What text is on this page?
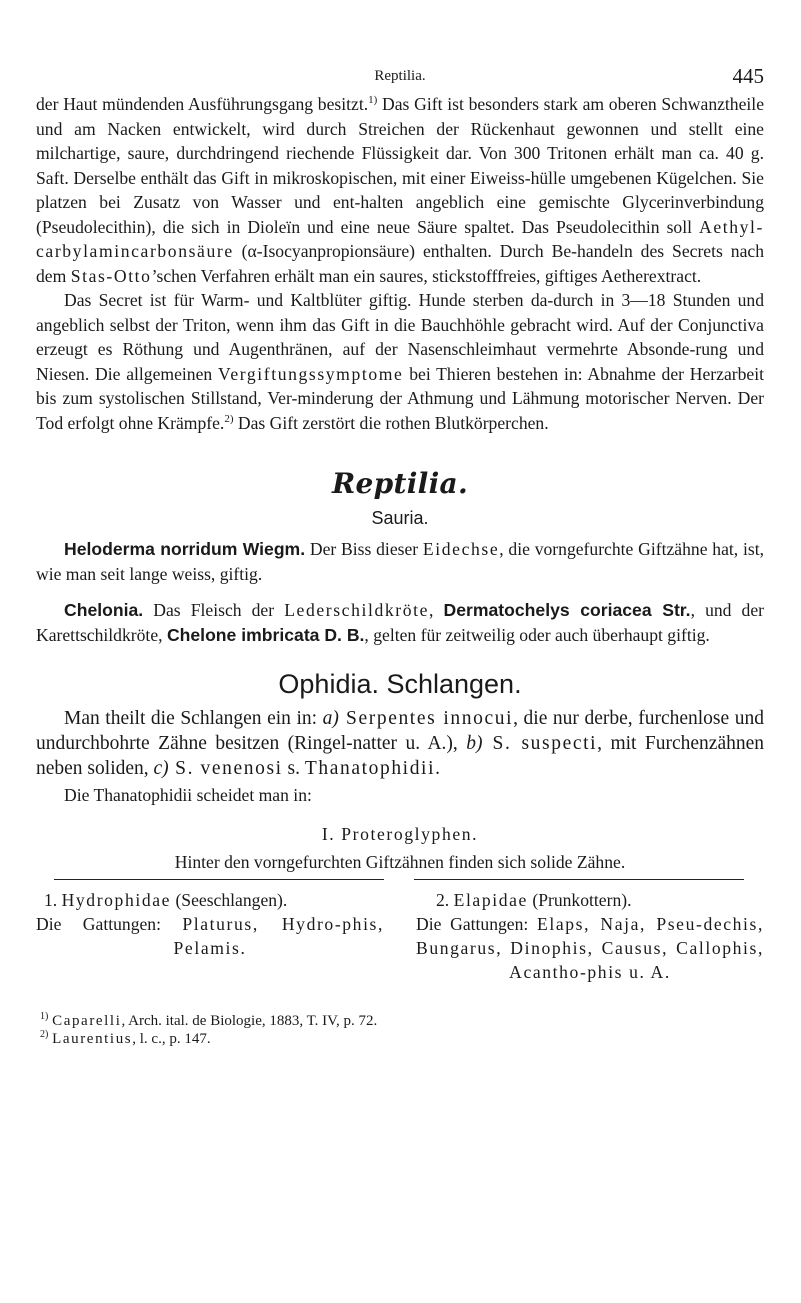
Reptilia.	445

der Haut mündenden Ausführungsgang besitzt.$^{1)}$ Das Gift ist besonders stark am oberen Schwanztheile und am Nacken entwickelt, wird durch Streichen der Rückenhaut gewonnen und stellt eine milchartige, saure, durchdringend riechende Flüssigkeit dar. Von 300 Tritonen erhält man ca. 40 g. Saft. Derselbe enthält das Gift in mikroskopischen, mit einer Eiweiss-hülle umgebenen Kügelchen. Sie platzen bei Zusatz von Wasser und ent-halten angeblich eine gemischte Glycerinverbindung (Pseudolecithin), die sich in Dioleïn und eine neue Säure spaltet. Das Pseudolecithin soll Aethyl-carbylamincarbonsäure (α-Isocyanpropionsäure) enthalten. Durch Be-handeln des Secrets nach dem Stas-Otto’schen Verfahren erhält man ein saures, stickstofffreies, giftiges Aetherextract.

Das Secret ist für Warm- und Kaltblüter giftig. Hunde sterben da-durch in 3—18 Stunden und angeblich selbst der Triton, wenn ihm das Gift in die Bauchhöhle gebracht wird. Auf der Conjunctiva erzeugt es Röthung und Augenthränen, auf der Nasenschleimhaut vermehrte Absonde-rung und Niesen. Die allgemeinen Vergiftungssymptome bei Thieren bestehen in: Abnahme der Herzarbeit bis zum systolischen Stillstand, Ver-minderung der Athmung und Lähmung motorischer Nerven. Der Tod erfolgt ohne Krämpfe.$^{2)}$ Das Gift zerstört die rothen Blutkörperchen.

Reptilia.
Sauria.

Heloderma norridum Wiegm. Der Biss dieser Eidechse, die vorngefurchte Giftzähne hat, ist, wie man seit lange weiss, giftig.

Chelonia. Das Fleisch der Lederschildkröte, Dermatochelys coriacea Str., und der Karettschildkröte, Chelone imbricata D. B., gelten für zeitweilig oder auch überhaupt giftig.

Ophidia. Schlangen.

Man theilt die Schlangen ein in: a) Serpentes innocui, die nur derbe, furchenlose und undurchbohrte Zähne besitzen (Ringel-natter u. A.), b) S. suspecti, mit Furchenzähnen neben soliden, c) S. venenosi s. Thanatophidii.

Die Thanatophidii scheidet man in:

I. Proteroglyphen.
Hinter den vorngefurchten Giftzähnen finden sich solide Zähne.
1. Hydrophidae (Seeschlangen).
Die Gattungen: Platurus, Hydro-phis, Pelamis.
2. Elapidae (Prunkottern).
Die Gattungen: Elaps, Naja, Pseu-dechis, Bungarus, Dinophis, Causus, Callophis, Acantho-phis u. A.
$^{1)}$ Caparelli, Arch. ital. de Biologie, 1883, T. IV, p. 72.
$^{2)}$ Laurentius, l. c., p. 147.
